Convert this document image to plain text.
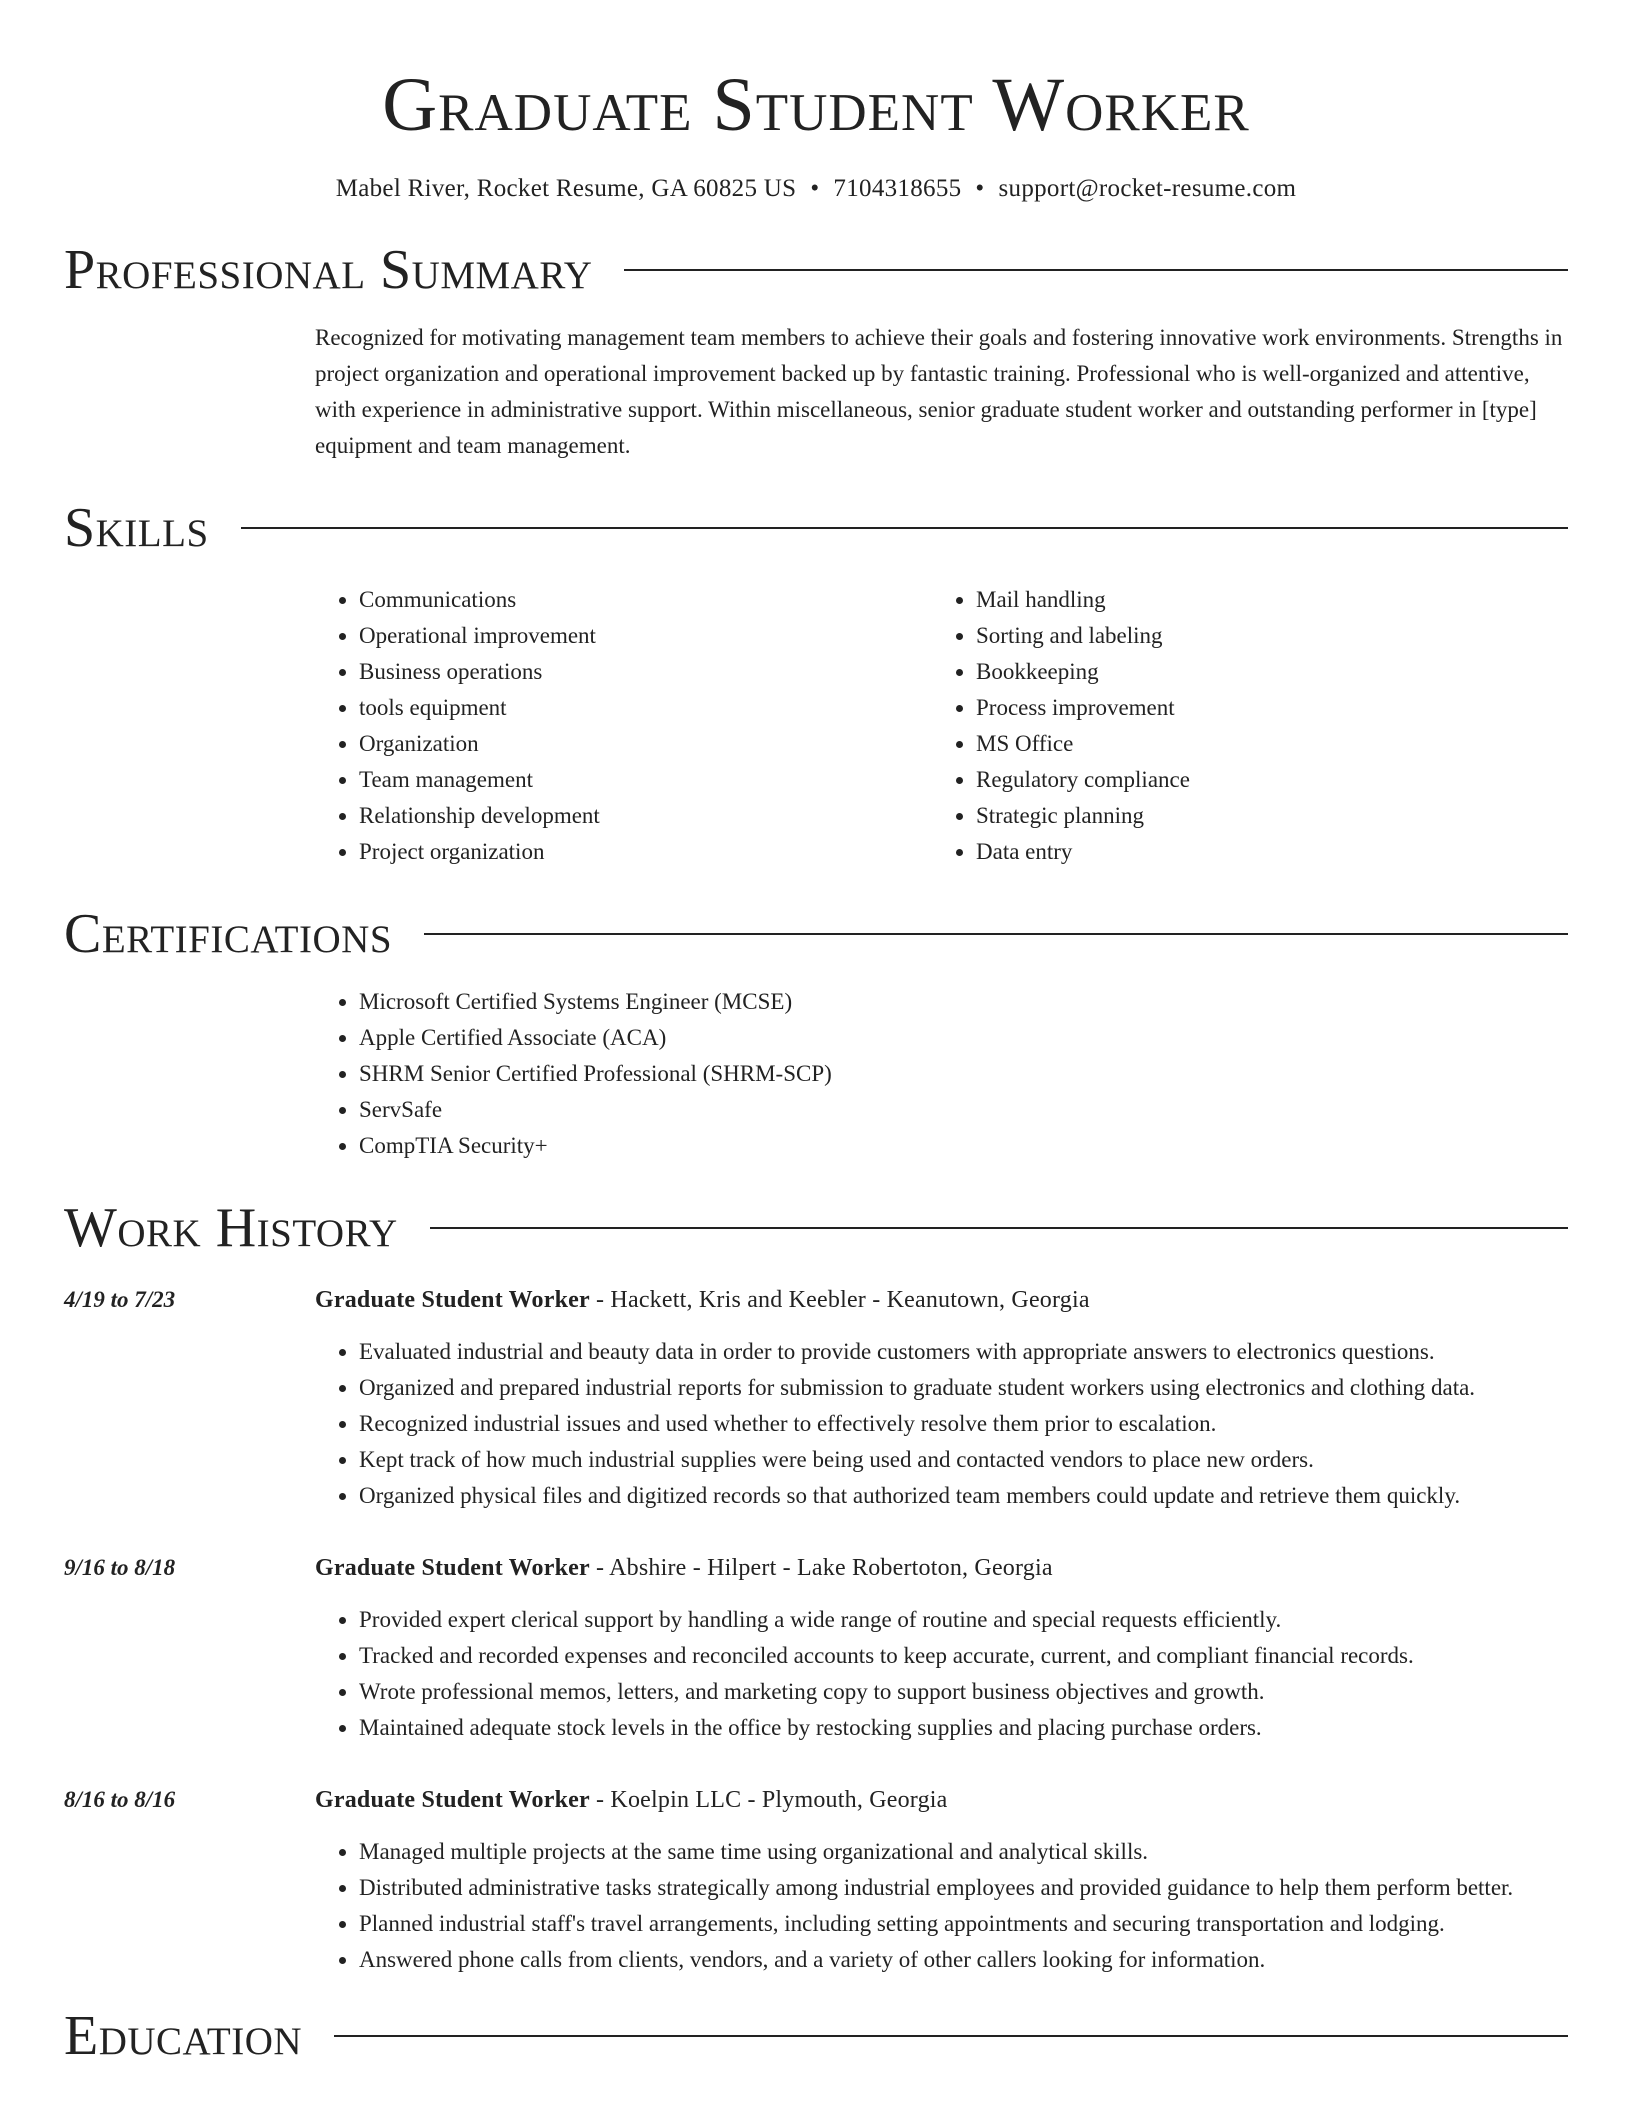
Graduate Student Worker
Mabel River, Rocket Resume, GA 60825 US • 7104318655 • support@rocket-resume.com
Professional Summary
Recognized for motivating management team members to achieve their goals and fostering innovative work environments. Strengths in project organization and operational improvement backed up by fantastic training. Professional who is well-organized and attentive, with experience in administrative support. Within miscellaneous, senior graduate student worker and outstanding performer in [type] equipment and team management.
Skills
• Communications
• Operational improvement
• Business operations
• tools equipment
• Organization
• Team management
• Relationship development
• Project organization
• Mail handling
• Sorting and labeling
• Bookkeeping
• Process improvement
• MS Office
• Regulatory compliance
• Strategic planning
• Data entry
Certifications
• Microsoft Certified Systems Engineer (MCSE)
• Apple Certified Associate (ACA)
• SHRM Senior Certified Professional (SHRM-SCP)
• ServSafe
• CompTIA Security+
Work History
4/19 to 7/23	Graduate Student Worker - Hackett, Kris and Keebler - Keanutown, Georgia
• Evaluated industrial and beauty data in order to provide customers with appropriate answers to electronics questions.
• Organized and prepared industrial reports for submission to graduate student workers using electronics and clothing data.
• Recognized industrial issues and used whether to effectively resolve them prior to escalation.
• Kept track of how much industrial supplies were being used and contacted vendors to place new orders.
• Organized physical files and digitized records so that authorized team members could update and retrieve them quickly.
9/16 to 8/18	Graduate Student Worker - Abshire - Hilpert - Lake Robertoton, Georgia
• Provided expert clerical support by handling a wide range of routine and special requests efficiently.
• Tracked and recorded expenses and reconciled accounts to keep accurate, current, and compliant financial records.
• Wrote professional memos, letters, and marketing copy to support business objectives and growth.
• Maintained adequate stock levels in the office by restocking supplies and placing purchase orders.
8/16 to 8/16	Graduate Student Worker - Koelpin LLC - Plymouth, Georgia
• Managed multiple projects at the same time using organizational and analytical skills.
• Distributed administrative tasks strategically among industrial employees and provided guidance to help them perform better.
• Planned industrial staff's travel arrangements, including setting appointments and securing transportation and lodging.
• Answered phone calls from clients, vendors, and a variety of other callers looking for information.
Education
